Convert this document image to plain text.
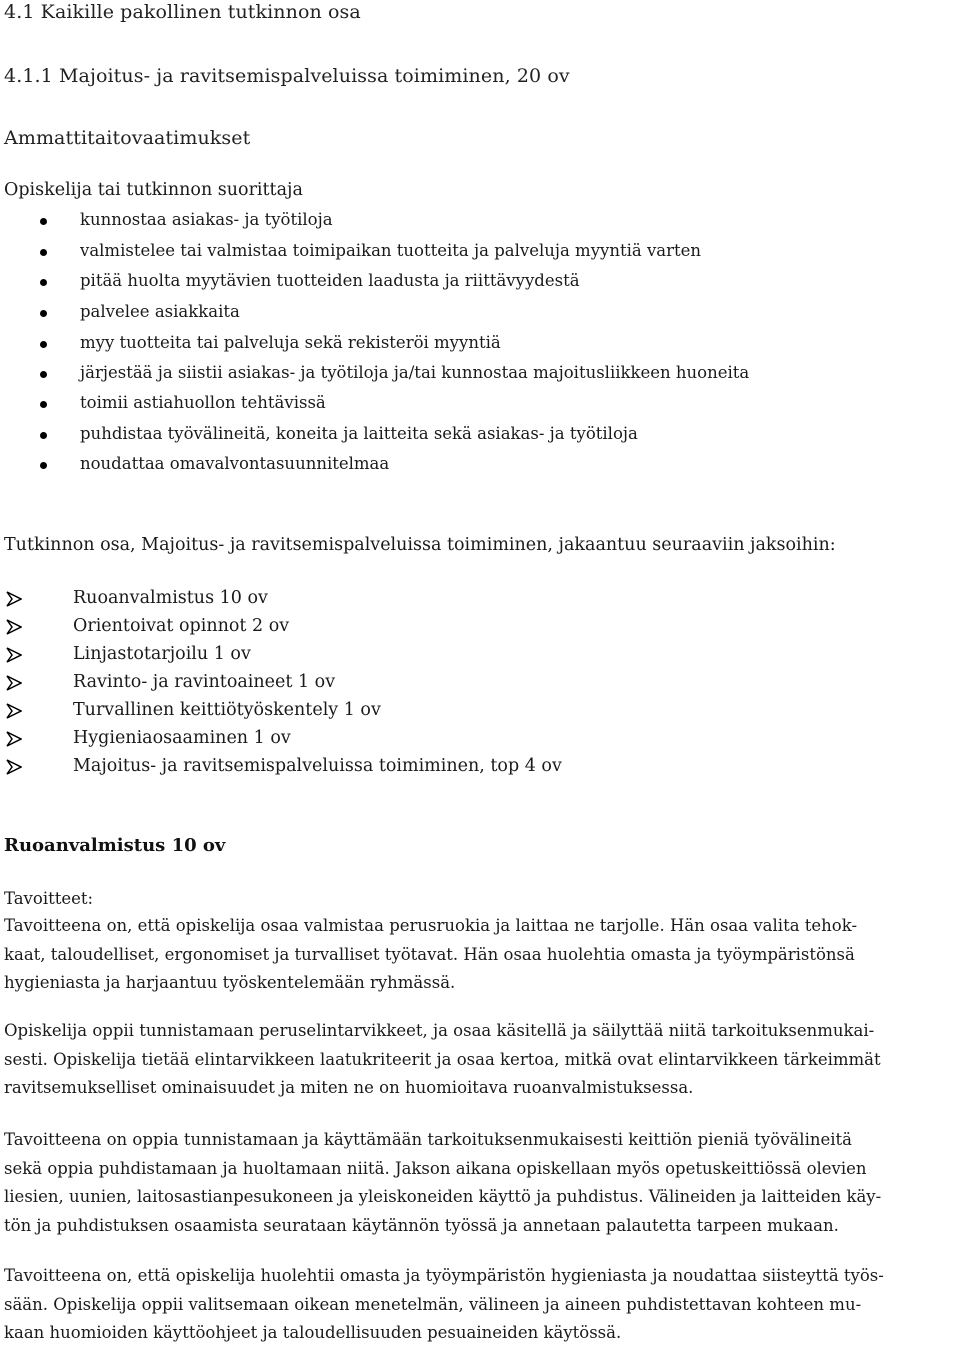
4.1 Kaikille pakollinen tutkinnon osa
4.1.1 Majoitus- ja ravitsemispalveluissa toimiminen, 20 ov
Ammattitaitovaatimukset
Opiskelija tai tutkinnon suorittaja
kunnostaa asiakas- ja työtiloja
valmistelee tai valmistaa toimipaikan tuotteita ja palveluja myyntiä varten
pitää huolta myytävien tuotteiden laadusta ja riittävyydestä
palvelee asiakkaita
myy tuotteita tai palveluja sekä rekisteröi myyntiä
järjestää ja siistii asiakas- ja työtiloja ja/tai kunnostaa majoitusliikkeen huoneita
toimii astiahuollon tehtävissä
puhdistaa työvälineitä, koneita ja laitteita sekä asiakas- ja työtiloja
noudattaa omavalvontasuunnitelmaa
Tutkinnon osa, Majoitus- ja ravitsemispalveluissa toimiminen, jakaantuu seuraaviin jaksoihin:
Ruoanvalmistus 10 ov
Orientoivat opinnot 2 ov
Linjastotarjoilu 1 ov
Ravinto- ja ravintoaineet 1 ov
Turvallinen keittiötyöskentely 1 ov
Hygieniaosaaminen 1 ov
Majoitus- ja ravitsemispalveluissa toimiminen, top 4 ov
Ruoanvalmistus 10 ov
Tavoitteet:
Tavoitteena on, että opiskelija osaa valmistaa perusruokia ja laittaa ne tarjolle. Hän osaa valita tehok-
kaat, taloudelliset, ergonomiset ja turvalliset työtavat. Hän osaa huolehtia omasta ja työympäristönsä
hygieniasta ja harjaantuu työskentelemään ryhmässä.
Opiskelija oppii tunnistamaan peruselintarvikkeet, ja osaa käsitellä ja säilyttää niitä tarkoituksenmukai-
sesti. Opiskelija tietää elintarvikkeen laatukriteerit ja osaa kertoa, mitkä ovat elintarvikkeen tärkeimmät
ravitsemukselliset ominaisuudet ja miten ne on huomioitava ruoanvalmistuksessa.
Tavoitteena on oppia tunnistamaan ja käyttämään tarkoituksenmukaisesti keittiön pieniä työvälineitä
sekä oppia puhdistamaan ja huoltamaan niitä. Jakson aikana opiskellaan myös opetuskeittiössä olevien
liesien, uunien, laitosastianpesukoneen ja yleiskoneiden käyttö ja puhdistus. Välineiden ja laitteiden käy-
tön ja puhdistuksen osaamista seurataan käytännön työssä ja annetaan palautetta tarpeen mukaan.
Tavoitteena on, että opiskelija huolehtii omasta ja työympäristön hygieniasta ja noudattaa siisteyttä työs-
sään. Opiskelija oppii valitsemaan oikean menetelmän, välineen ja aineen puhdistettavan kohteen mu-
kaan huomioiden käyttöohjeet ja taloudellisuuden pesuaineiden käytössä.
